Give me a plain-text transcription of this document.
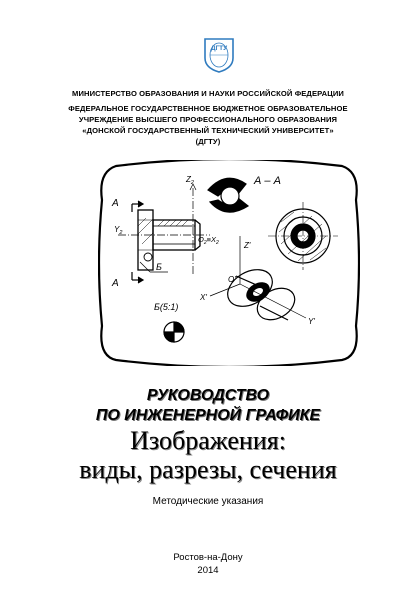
ДГТУ
МИНИСТЕРСТВО ОБРАЗОВАНИЯ И НАУКИ РОССИЙСКОЙ ФЕДЕРАЦИИ
ФЕДЕРАЛЬНОЕ ГОСУДАРСТВЕННОЕ БЮДЖЕТНОЕ ОБРАЗОВАТЕЛЬНОЕ
УЧРЕЖДЕНИЕ ВЫСШЕГО ПРОФЕССИОНАЛЬНОГО ОБРАЗОВАНИЯ
«ДОНСКОЙ ГОСУДАРСТВЕННЫЙ ТЕХНИЧЕСКИЙ УНИВЕРСИТЕТ»
(ДГТУ)
А
А
Б
$Y_2$
$Z_2$
$O_2\equiv X_2$
А – А
Z'
X'
Y'
O'
Б(5:1)
РУКОВОДСТВО
ПО ИНЖЕНЕРНОЙ ГРАФИКЕ
Изображения:
виды, разрезы, сечения
Методические указания
Ростов-на-Дону
2014
